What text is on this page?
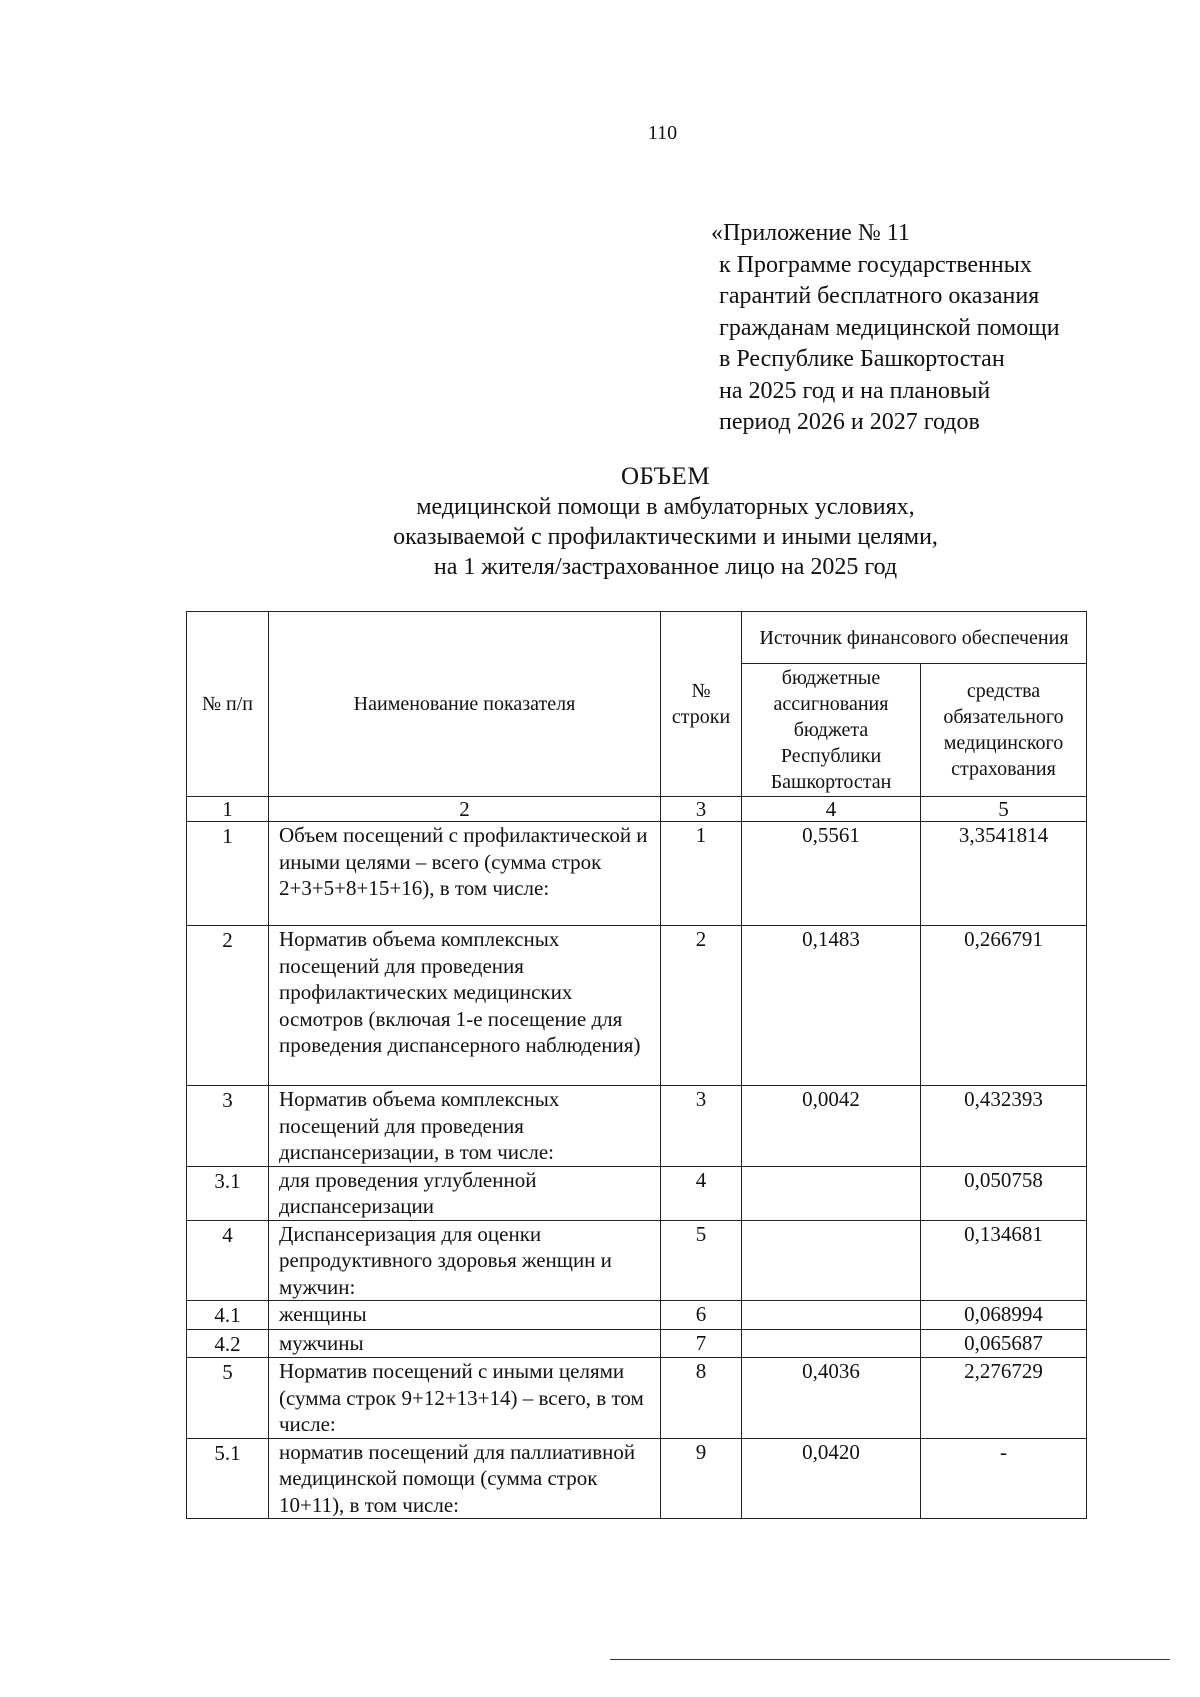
110
«Приложение № 11
к Программе государственных
гарантий бесплатного оказания
гражданам медицинской помощи
в Республике Башкортостан
на 2025 год и на плановый
период 2026 и 2027 годов
ОБЪЕМ
медицинской помощи в амбулаторных условиях,
оказываемой с профилактическими и иными целями,
на 1 жителя/застрахованное лицо на 2025 год
№ п/п	Наименование показателя	№ строки	Источник финансового обеспечения	
			бюджетные ассигнования бюджета Республики Башкортостан	средства обязательного медицинского страхования
1	2	3	4	5
1	Объем посещений с профилактической и иными целями – всего (сумма строк 2+3+5+8+15+16), в том числе:	1	0,5561	3,3541814
2	Норматив объема комплексных посещений для проведения профилактических медицинских осмотров (включая 1-е посещение для проведения диспансерного наблюдения)	2	0,1483	0,266791
3	Норматив объема комплексных посещений для проведения диспансеризации, в том числе:	3	0,0042	0,432393
3.1	для проведения углубленной диспансеризации	4		0,050758
4	Диспансеризация для оценки репродуктивного здоровья женщин и мужчин:	5		0,134681
4.1	женщины	6		0,068994
4.2	мужчины	7		0,065687
5	Норматив посещений с иными целями (сумма строк 9+12+13+14) – всего, в том числе:	8	0,4036	2,276729
5.1	норматив посещений для паллиативной медицинской помощи (сумма строк 10+11), в том числе:	9	0,0420	-
